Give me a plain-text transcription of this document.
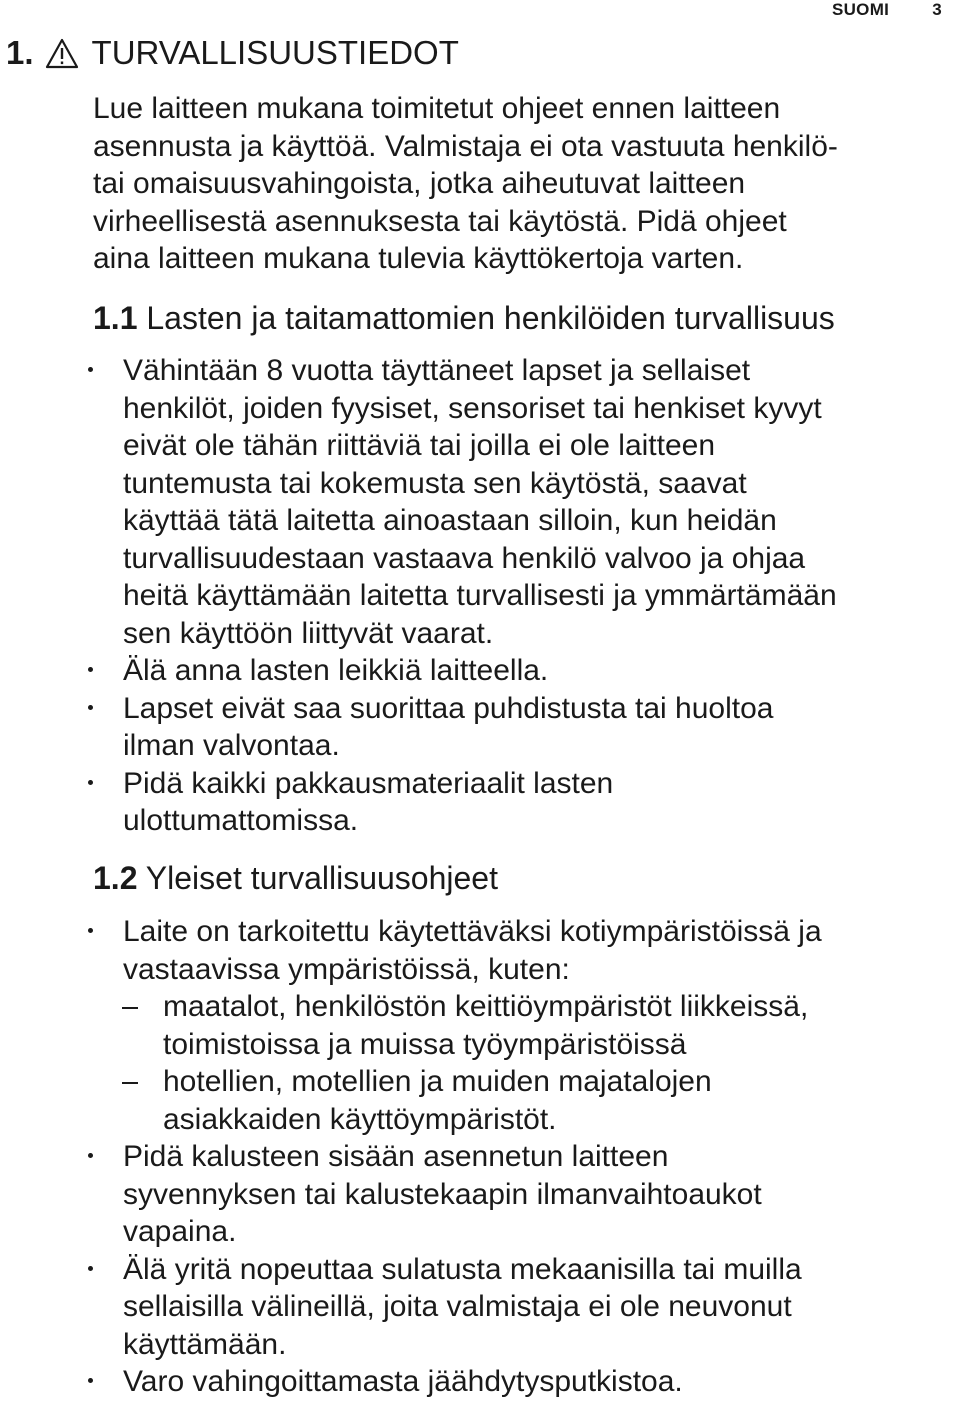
SUOMI	3
1. TURVALLISUUSTIEDOT
Lue laitteen mukana toimitetut ohjeet ennen laitteen
asennusta ja käyttöä. Valmistaja ei ota vastuuta henkilö-
tai omaisuusvahingoista, jotka aiheutuvat laitteen
virheellisestä asennuksesta tai käytöstä. Pidä ohjeet
aina laitteen mukana tulevia käyttökertoja varten.
1.1 Lasten ja taitamattomien henkilöiden turvallisuus
Vähintään 8 vuotta täyttäneet lapset ja sellaiset
henkilöt, joiden fyysiset, sensoriset tai henkiset kyvyt
eivät ole tähän riittäviä tai joilla ei ole laitteen
tuntemusta tai kokemusta sen käytöstä, saavat
käyttää tätä laitetta ainoastaan silloin, kun heidän
turvallisuudestaan vastaava henkilö valvoo ja ohjaa
heitä käyttämään laitetta turvallisesti ja ymmärtämään
sen käyttöön liittyvät vaarat.
Älä anna lasten leikkiä laitteella.
Lapset eivät saa suorittaa puhdistusta tai huoltoa
ilman valvontaa.
Pidä kaikki pakkausmateriaalit lasten
ulottumattomissa.
1.2 Yleiset turvallisuusohjeet
Laite on tarkoitettu käytettäväksi kotiympäristöissä ja
vastaavissa ympäristöissä, kuten:
maatalot, henkilöstön keittiöympäristöt liikkeissä,
toimistoissa ja muissa työympäristöissä
hotellien, motellien ja muiden majatalojen
asiakkaiden käyttöympäristöt.
Pidä kalusteen sisään asennetun laitteen
syvennyksen tai kalustekaapin ilmanvaihtoaukot
vapaina.
Älä yritä nopeuttaa sulatusta mekaanisilla tai muilla
sellaisilla välineillä, joita valmistaja ei ole neuvonut
käyttämään.
Varo vahingoittamasta jäähdytysputkistoa.
